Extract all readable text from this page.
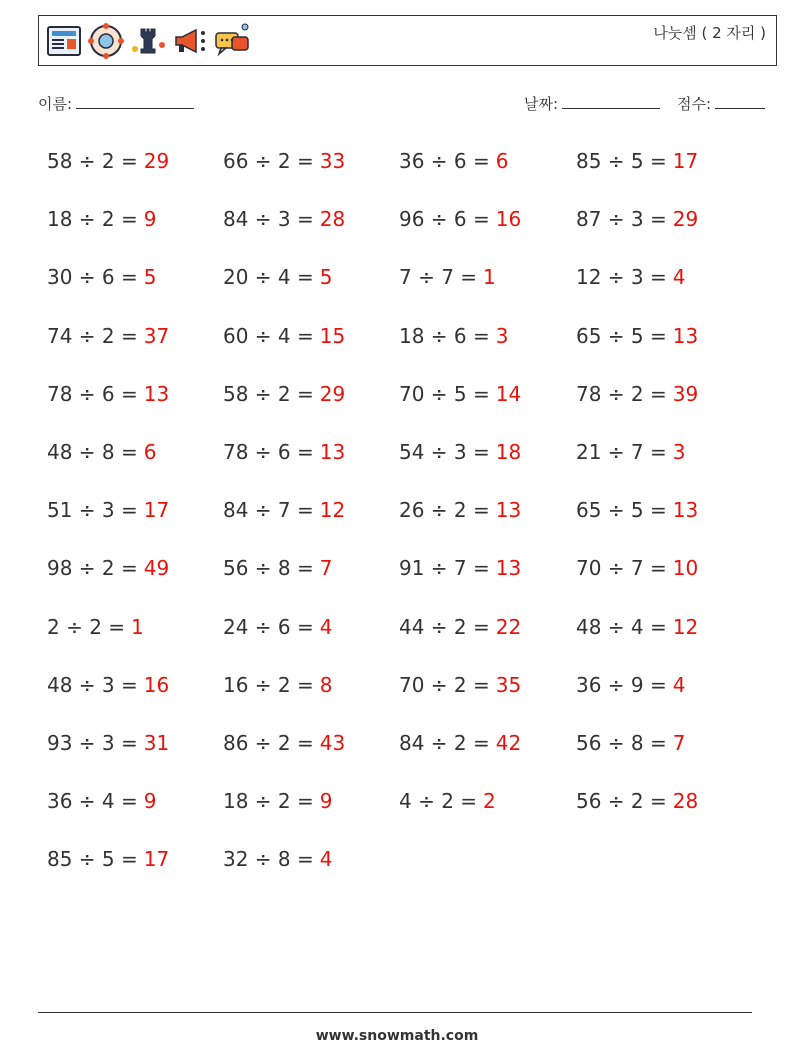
나눗셈 ( 2 자리 )
이름:	날짜:	점수:
58 ÷ 2 = 29	66 ÷ 2 = 33	36 ÷ 6 = 6	85 ÷ 5 = 17
18 ÷ 2 = 9	84 ÷ 3 = 28	96 ÷ 6 = 16	87 ÷ 3 = 29
30 ÷ 6 = 5	20 ÷ 4 = 5	7 ÷ 7 = 1	12 ÷ 3 = 4
74 ÷ 2 = 37	60 ÷ 4 = 15	18 ÷ 6 = 3	65 ÷ 5 = 13
78 ÷ 6 = 13	58 ÷ 2 = 29	70 ÷ 5 = 14	78 ÷ 2 = 39
48 ÷ 8 = 6	78 ÷ 6 = 13	54 ÷ 3 = 18	21 ÷ 7 = 3
51 ÷ 3 = 17	84 ÷ 7 = 12	26 ÷ 2 = 13	65 ÷ 5 = 13
98 ÷ 2 = 49	56 ÷ 8 = 7	91 ÷ 7 = 13	70 ÷ 7 = 10
2 ÷ 2 = 1	24 ÷ 6 = 4	44 ÷ 2 = 22	48 ÷ 4 = 12
48 ÷ 3 = 16	16 ÷ 2 = 8	70 ÷ 2 = 35	36 ÷ 9 = 4
93 ÷ 3 = 31	86 ÷ 2 = 43	84 ÷ 2 = 42	56 ÷ 8 = 7
36 ÷ 4 = 9	18 ÷ 2 = 9	4 ÷ 2 = 2	56 ÷ 2 = 28
85 ÷ 5 = 17	32 ÷ 8 = 4
www.snowmath.com
